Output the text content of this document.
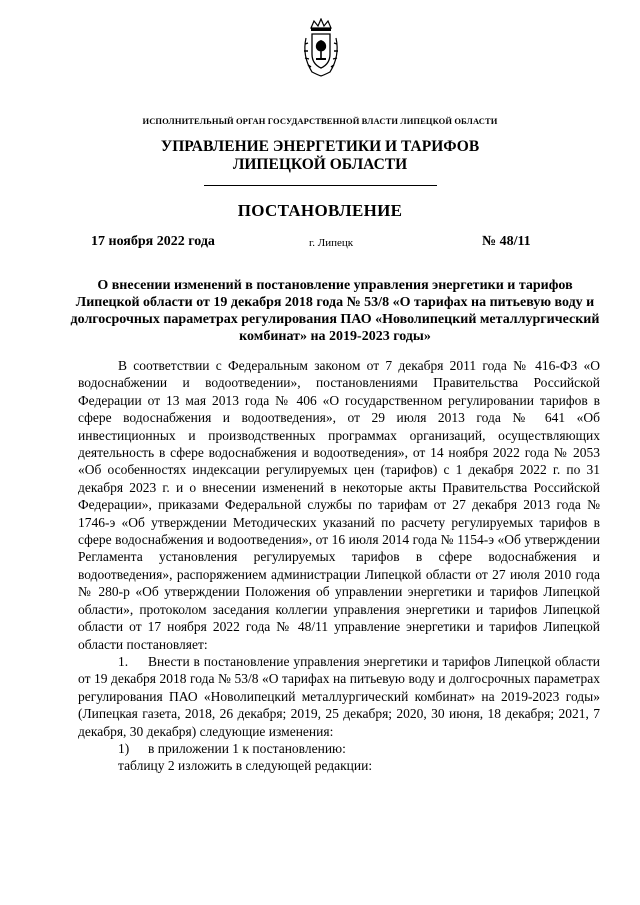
ИСПОЛНИТЕЛЬНЫЙ ОРГАН ГОСУДАРСТВЕННОЙ ВЛАСТИ ЛИПЕЦКОЙ ОБЛАСТИ
УПРАВЛЕНИЕ ЭНЕРГЕТИКИ И ТАРИФОВ
ЛИПЕЦКОЙ ОБЛАСТИ
ПОСТАНОВЛЕНИЕ
17 ноября 2022 года	г. Липецк	№ 48/11
О внесении изменений в постановление управления энергетики и тарифов Липецкой области от 19 декабря 2018 года № 53/8 «О тарифах на питьевую воду и долгосрочных параметрах регулирования ПАО «Новолипецкий металлургический комбинат» на 2019-2023 годы»

В соответствии с Федеральным законом от 7 декабря 2011 года № 416-ФЗ «О водоснабжении и водоотведении», постановлениями Правительства Российской Федерации от 13 мая 2013 года № 406 «О государственном регулировании тарифов в сфере водоснабжения и водоотведения», от 29 июля 2013 года № 641 «Об инвестиционных и производственных программах организаций, осуществляющих деятельность в сфере водоснабжения и водоотведения», от 14 ноября 2022 года № 2053 «Об особенностях индексации регулируемых цен (тарифов) с 1 декабря 2022 г. по 31 декабря 2023 г. и о внесении изменений в некоторые акты Правительства Российской Федерации», приказами Федеральной службы по тарифам от 27 декабря 2013 года № 1746-э «Об утверждении Методических указаний по расчету регулируемых тарифов в сфере водоснабжения и водоотведения», от 16 июля 2014 года № 1154-э «Об утверждении Регламента установления регулируемых тарифов в сфере водоснабжения и водоотведения», распоряжением администрации Липецкой области от 27 июля 2010 года № 280-р «Об утверждении Положения об управлении энергетики и тарифов Липецкой области», протоколом заседания коллегии управления энергетики и тарифов Липецкой области от 17 ноября 2022 года № 48/11 управление энергетики и тарифов Липецкой области постановляет:

1. Внести в постановление управления энергетики и тарифов Липецкой области от 19 декабря 2018 года № 53/8 «О тарифах на питьевую воду и долгосрочных параметрах регулирования ПАО «Новолипецкий металлургический комбинат» на 2019-2023 годы» (Липецкая газета, 2018, 26 декабря; 2019, 25 декабря; 2020, 30 июня, 18 декабря; 2021, 7 декабря, 30 декабря) следующие изменения:

1) в приложении 1 к постановлению:

таблицу 2 изложить в следующей редакции:
